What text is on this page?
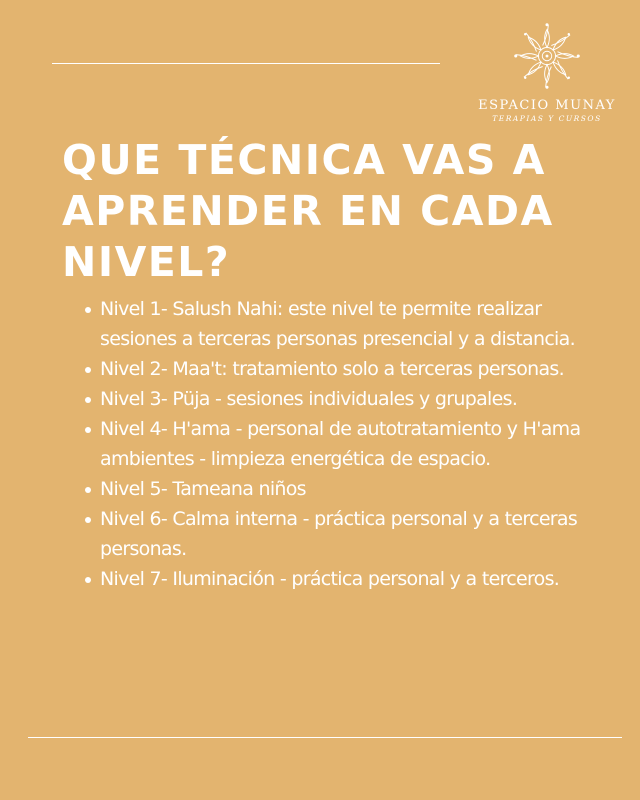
ESPACIO MUNAY
TERAPIAS Y CURSOS
QUE TÉCNICA VAS A
APRENDER EN CADA
NIVEL?
Nivel 1- Salush Nahi: este nivel te permite realizar sesiones a terceras personas presencial y a distancia.
Nivel 2- Maa't: tratamiento solo a terceras personas.
Nivel 3- Püja - sesiones individuales y grupales.
Nivel 4- H'ama - personal de autotratamiento y H'ama ambientes - limpieza energética de espacio.
Nivel 5- Tameana niños
Nivel 6- Calma interna - práctica personal y a terceras personas.
Nivel 7- Iluminación - práctica personal y a terceros.
